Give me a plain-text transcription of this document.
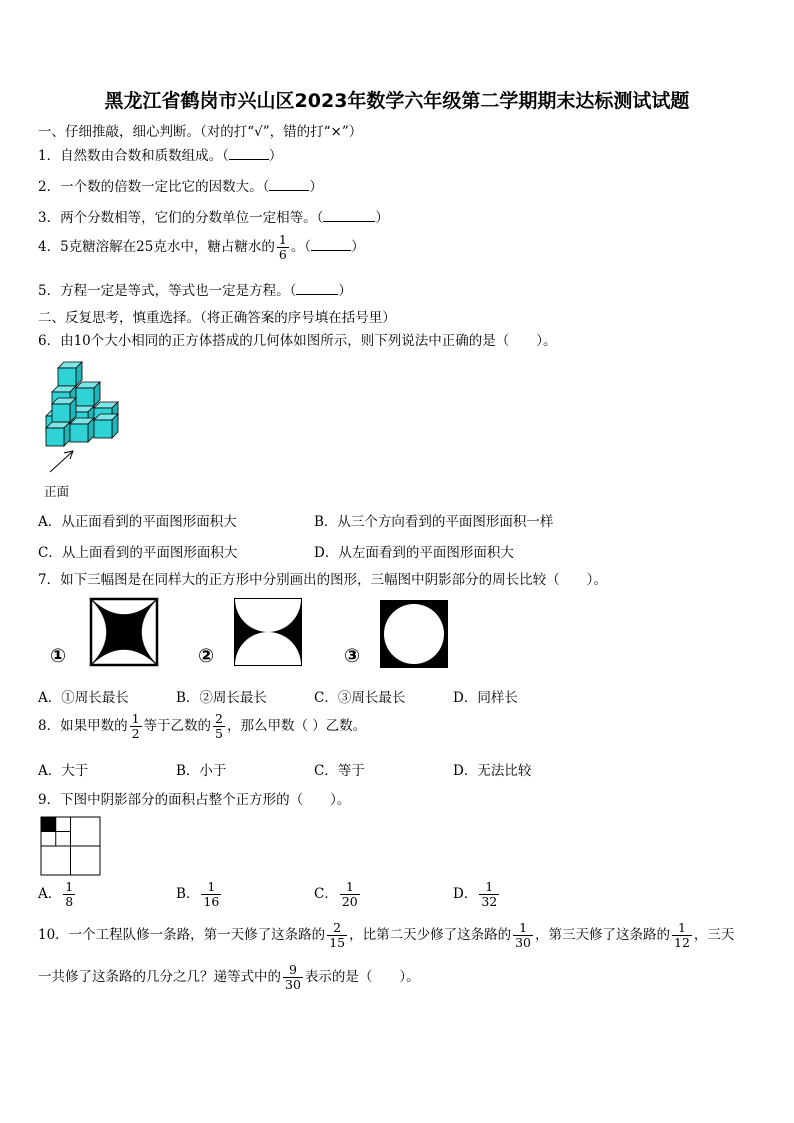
黑龙江省鹤岗市兴山区2023年数学六年级第二学期期末达标测试试题
一、仔细推敲，细心判断。（对的打“√”，错的打“×”）
1．自然数由合数和质数组成。（	）
2．一个数的倍数一定比它的因数大。（	）
3．两个分数相等，它们的分数单位一定相等。（	）
4．5克糖溶解在25克水中，糖占糖水的 $\frac{1}{6}$ 。（	）
5．方程一定是等式，等式也一定是方程。（	）
二、反复思考，慎重选择。（将正确答案的序号填在括号里）
6．由10个大小相同的正方体搭成的几何体如图所示，则下列说法中正确的是（　　）。
正面
A．从正面看到的平面图形面积大	B．从三个方向看到的平面图形面积一样
C．从上面看到的平面图形面积大	D．从左面看到的平面图形面积大
7．如下三幅图是在同样大的正方形中分别画出的图形，三幅图中阴影部分的周长比较（　　）。
①	②	③
A．①周长最长	B．②周长最长	C．③周长最长	D．同样长
8．如果甲数的 $\frac{1}{2}$ 等于乙数的 $\frac{2}{5}$ ，那么甲数（ ）乙数。
A．大于	B．小于	C．等于	D．无法比较
9．下图中阴影部分的面积占整个正方形的（　　）。
A． $\frac{1}{8}$	B． $\frac{1}{16}$	C． $\frac{1}{20}$	D． $\frac{1}{32}$
10．一个工程队修一条路，第一天修了这条路的 $\frac{2}{15}$ ，比第二天少修了这条路的 $\frac{1}{30}$ ，第三天修了这条路的 $\frac{1}{12}$ ，三天
一共修了这条路的几分之几？递等式中的 $\frac{9}{30}$ 表示的是（　　）。
